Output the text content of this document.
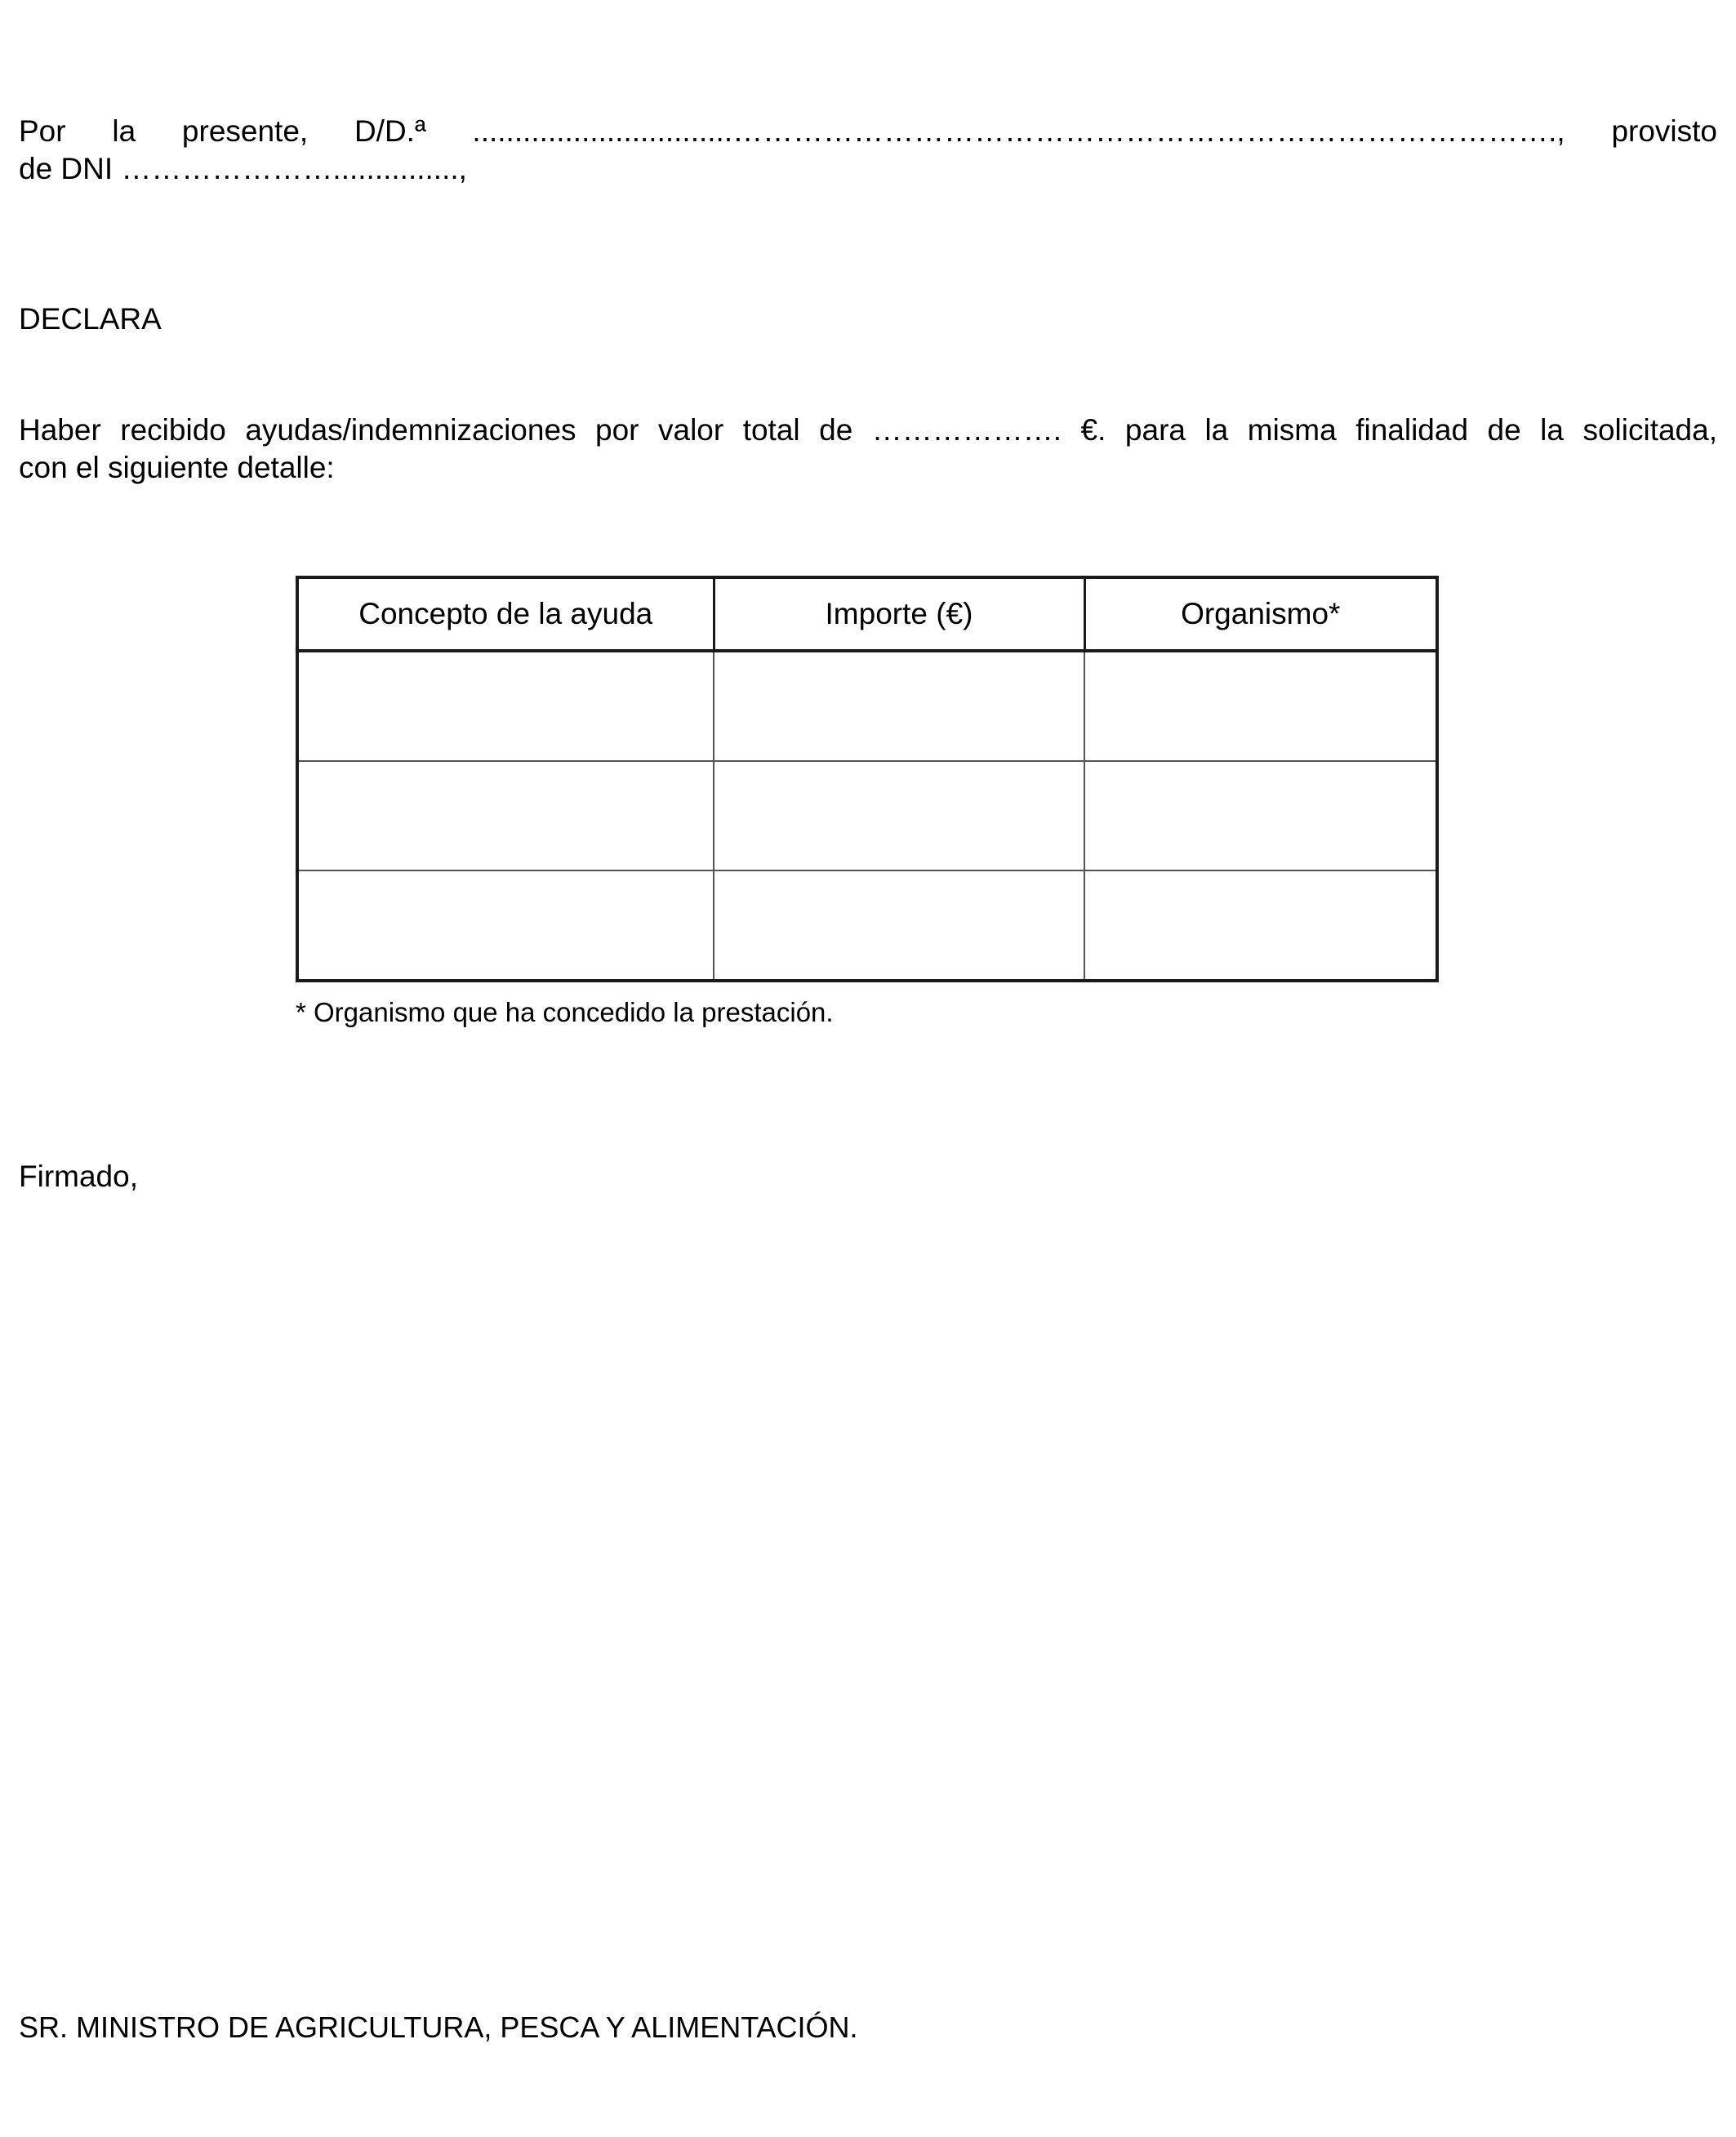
Por la presente, D/D.ª ...............................………………………………………………………………………., provisto
de DNI …………………...............,
DECLARA
Haber recibido ayudas/indemnizaciones por valor total de ………………. €. para la misma finalidad de la solicitada,
con el siguiente detalle:
Concepto de la ayuda	Importe (€)	Organismo*

* Organismo que ha concedido la prestación.

Firmado,
SR. MINISTRO DE AGRICULTURA, PESCA Y ALIMENTACIÓN.
